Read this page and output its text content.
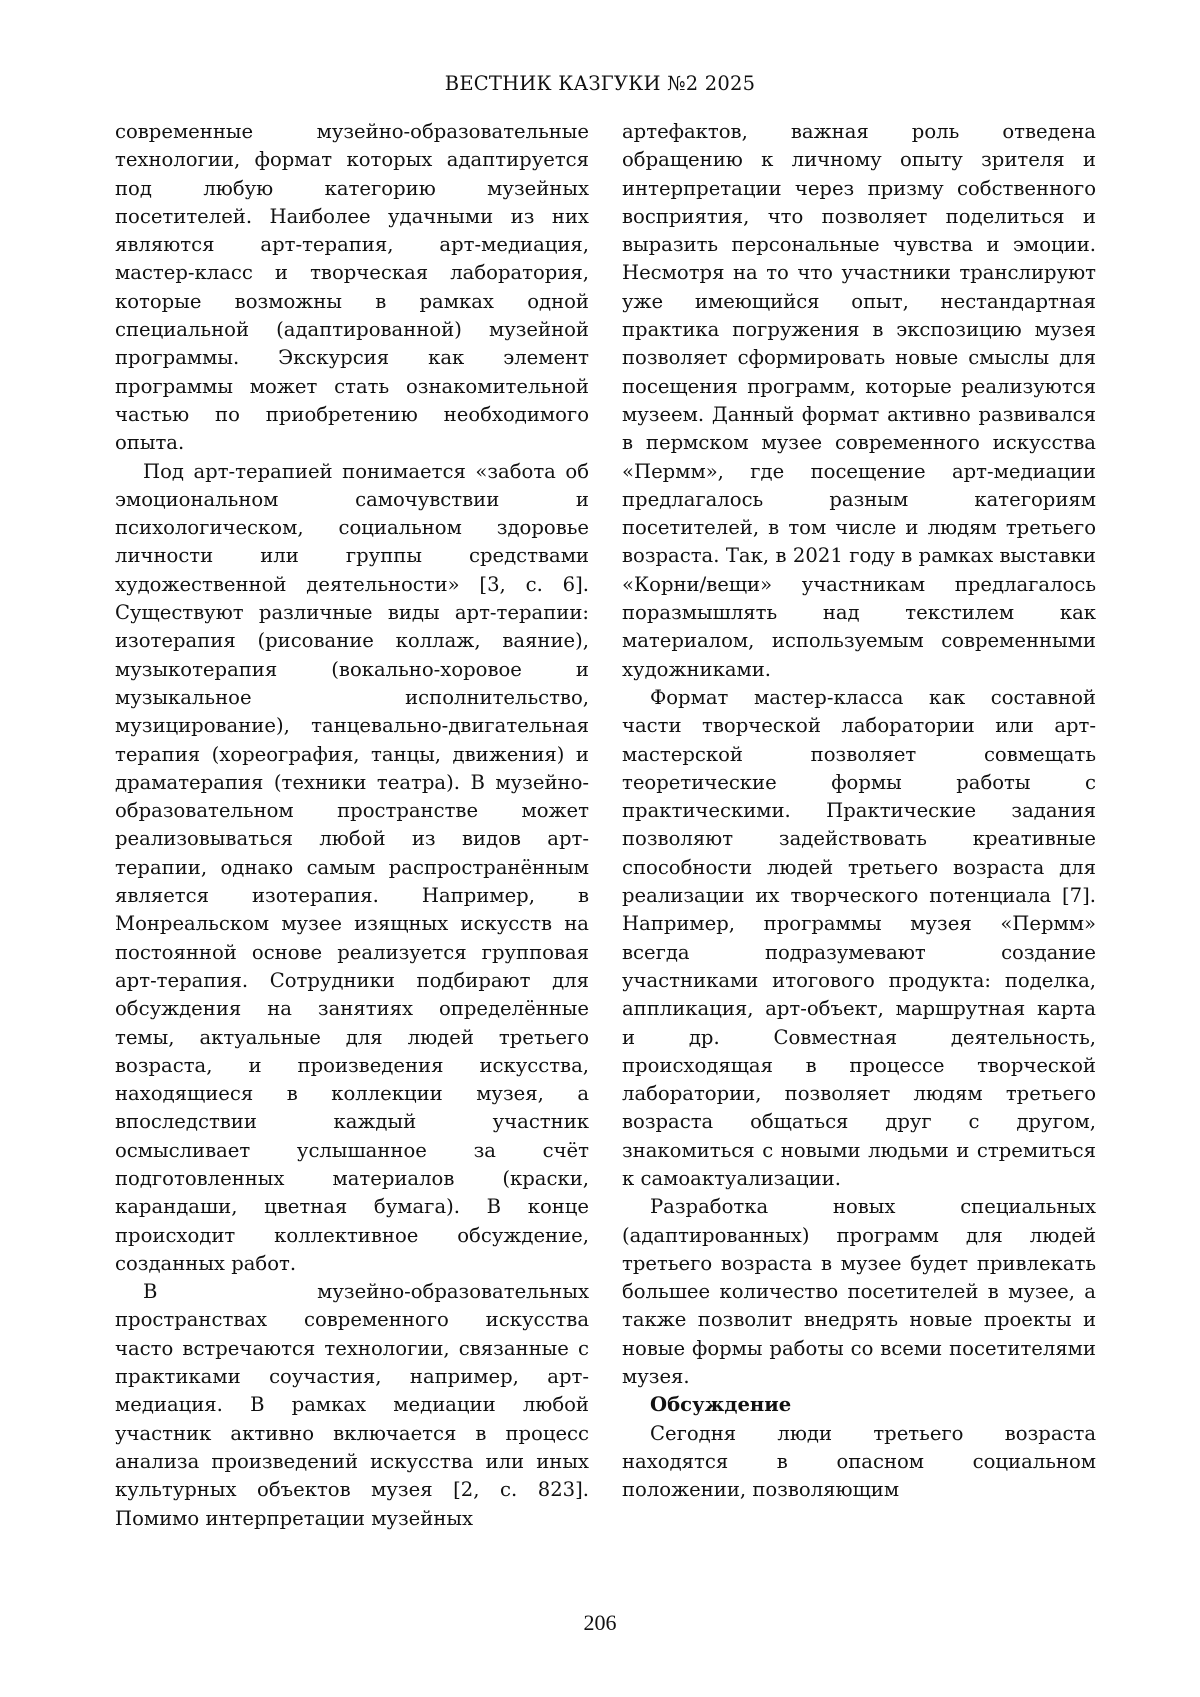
ВЕСТНИК КАЗГУКИ №2 2025

современные музейно-образовательные технологии, формат которых адаптируется под любую категорию музейных посетителей. Наиболее удачными из них являются арт-терапия, арт-медиация, мастер-класс и творческая лаборатория, которые возможны в рамках одной специальной (адаптированной) музейной программы. Экскурсия как элемент программы может стать ознакомительной частью по приобретению необходимого опыта.

Под арт-терапией понимается «забота об эмоциональном самочувствии и психологическом, социальном здоровье личности или группы средствами художественной деятельности» [3, с. 6]. Существуют различные виды арт-терапии: изотерапия (рисование коллаж, ваяние), музыкотерапия (вокально-хоровое и музыкальное исполнительство, музицирование), танцевально-двигательная терапия (хореография, танцы, движения) и драматерапия (техники театра). В музейно-образовательном пространстве может реализовываться любой из видов арт-терапии, однако самым распространённым является изотерапия. Например, в Монреальском музее изящных искусств на постоянной основе реализуется групповая арт-терапия. Сотрудники подбирают для обсуждения на занятиях определённые темы, актуальные для людей третьего возраста, и произведения искусства, находящиеся в коллекции музея, а впоследствии каждый участник осмысливает услышанное за счёт подготовленных материалов (краски, карандаши, цветная бумага). В конце происходит коллективное обсуждение, созданных работ.

В музейно-образовательных пространствах современного искусства часто встречаются технологии, связанные с практиками соучастия, например, арт-медиация. В рамках медиации любой участник активно включается в процесс анализа произведений искусства или иных культурных объектов музея [2, с. 823]. Помимо интерпретации музейных

артефактов, важная роль отведена обращению к личному опыту зрителя и интерпретации через призму собственного восприятия, что позволяет поделиться и выразить персональные чувства и эмоции. Несмотря на то что участники транслируют уже имеющийся опыт, нестандартная практика погружения в экспозицию музея позволяет сформировать новые смыслы для посещения программ, которые реализуются музеем. Данный формат активно развивался в пермском музее современного искусства «Пермм», где посещение арт-медиации предлагалось разным категориям посетителей, в том числе и людям третьего возраста. Так, в 2021 году в рамках выставки «Корни/вещи» участникам предлагалось поразмышлять над текстилем как материалом, используемым современными художниками.

Формат мастер-класса как составной части творческой лаборатории или арт-мастерской позволяет совмещать теоретические формы работы с практическими. Практические задания позволяют задействовать креативные способности людей третьего возраста для реализации их творческого потенциала [7]. Например, программы музея «Пермм» всегда подразумевают создание участниками итогового продукта: поделка, аппликация, арт-объект, маршрутная карта и др. Совместная деятельность, происходящая в процессе творческой лаборатории, позволяет людям третьего возраста общаться друг с другом, знакомиться с новыми людьми и стремиться к самоактуализации.

Разработка новых специальных (адаптированных) программ для людей третьего возраста в музее будет привлекать большее количество посетителей в музее, а также позволит внедрять новые проекты и новые формы работы со всеми посетителями музея.

Обсуждение

Сегодня люди третьего возраста находятся в опасном социальном положении, позволяющим

206
